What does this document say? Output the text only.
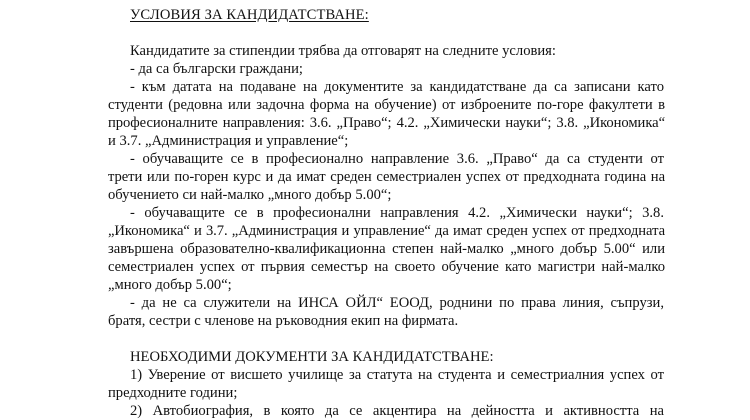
УСЛОВИЯ ЗА КАНДИДАТСТВАНЕ:
Кандидатите за стипендии трябва да отговарят на следните условия:
- да са български граждани;
- към датата на подаване на документите за кандидатстване да са записани като
студенти (редовна или задочна форма на обучение) от изброените по-горе факултети в
професионалните направления: 3.6. „Право“; 4.2. „Химически науки“; 3.8. „Икономика“
и 3.7. „Администрация и управление“;
- обучаващите се в професионално направление 3.6. „Право“ да са студенти от
трети или по-горен курс и да имат среден семестриален успех от предходната година на
обучението си най-малко „много добър 5.00“;
- обучаващите се в професионални направления 4.2. „Химически науки“; 3.8.
„Икономика“ и 3.7. „Администрация и управление“ да имат среден успех от предходната
завършена образователно-квалификационна степен най-малко „много добър 5.00“ или
семестриален успех от първия семестър на своето обучение като магистри най-малко
„много добър 5.00“;
- да не са служители на ИНСА ОЙЛ“ ЕООД, роднини по права линия, съпрузи,
братя, сестри с членове на ръководния екип на фирмата.
НЕОБХОДИМИ ДОКУМЕНТИ ЗА КАНДИДАТСТВАНЕ:
1) Уверение от висшето училище за статута на студента и семестриалния успех от
предходните години;
2) Автобиография, в която да се акцентира на дейността и активността на
